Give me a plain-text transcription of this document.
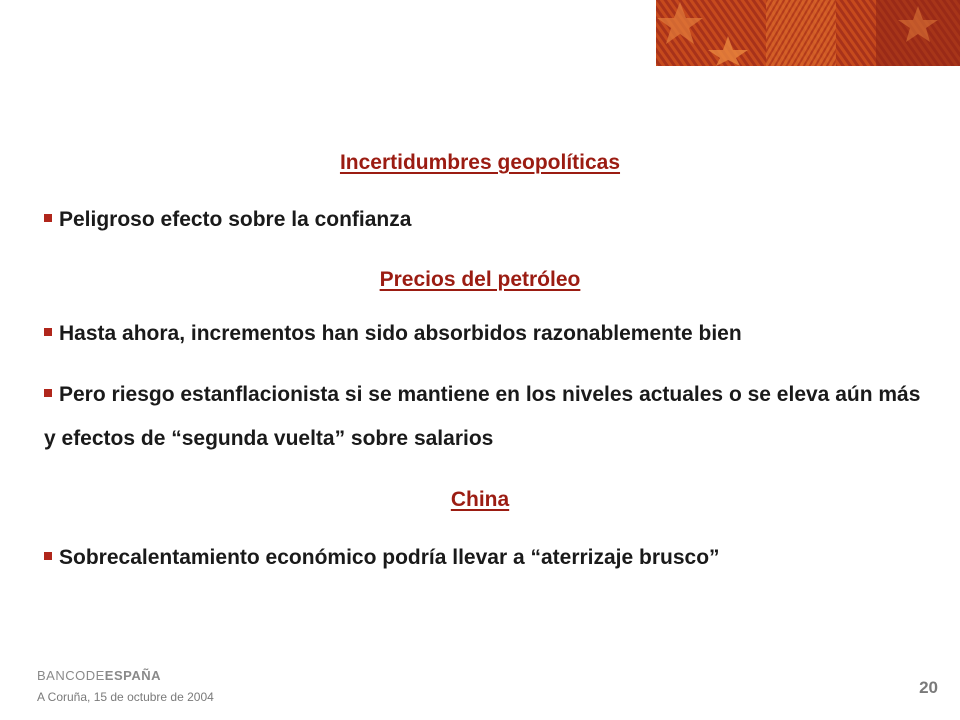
Incertidumbres geopolíticas
Peligroso efecto sobre la confianza
Precios del petróleo
Hasta ahora, incrementos han sido absorbidos razonablemente bien
Pero riesgo estanflacionista si se mantiene en los niveles actuales o se eleva aún más y efectos de “segunda vuelta” sobre salarios
China
Sobrecalentamiento económico podría llevar a “aterrizaje brusco”
BANCODEESPAÑA
A Coruña, 15 de octubre de 2004	20
